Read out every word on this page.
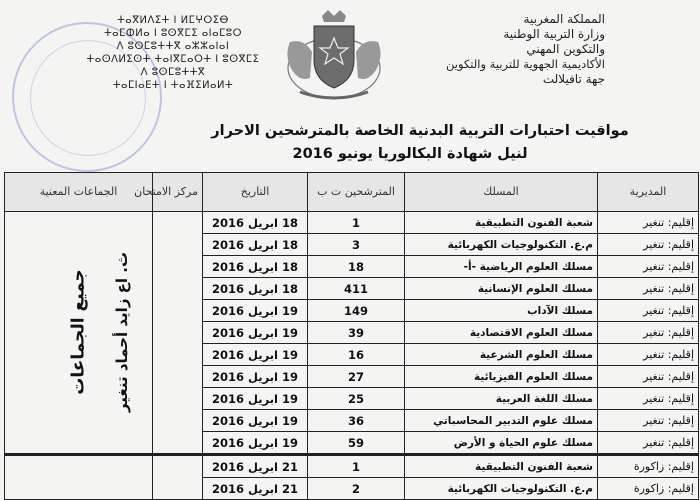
ⵜⴰⴳⵍⴷⵉⵜ ⵏ ⵍⵎⵖⵔⵉⴱ
ⵜⴰⵎⵀⵍⴰ ⵏ ⵓⵙⴳⵎⵉ ⴰⵏⴰⵎⵓⵔ
ⴷ ⵓⵙⵎⵓⵜⵜⴳ ⴰⵣⵣⴰⵏⴰⵏ
ⵜⴰⵙⴷⵍⵉⵙⵜ ⵜⴰⵏⴳⵎⴰⵔⵜ ⵏ ⵓⵙⴳⵎⵉ
ⴷ ⵓⵙⵎⵓⵜⵜⴳ
ⵜⴰⵎⵏⴰⴹⵜ ⵏ ⵜⴰⴼⵉⵍⴰⵍⵜ
المملكة المغربية
وزارة التربية الوطنية
والتكوين المهني
الأكاديمية الجهوية للتربية والتكوين
جهة تافيلالت
مواقيت احتبارات التربية البدنية الخاصة بالمترشحين الاحرار
لنيل شهادة البكالوريا يونيو 2016
المديرية	المسلك	المترشحين ت ب	التاريخ	مركز الامتحان	الجماعات المعنية
إقليم: تنغير	شعبة الفنون التطبيقية	1	18 ابريل 2016	ث. اع زايد أحماد تنغير	جميع الجماعات
إقليم: تنغير	م.ع. التكنولوجيات الكهربائية	3	18 ابريل 2016		
إقليم: تنغير	مسلك العلوم الرياضية -أ-	18	18 ابريل 2016		
إقليم: تنغير	مسلك العلوم الإنسانية	411	18 ابريل 2016		
إقليم: تنغير	مسلك الآداب	149	19 ابريل 2016		
إقليم: تنغير	مسلك العلوم الاقتصادية	39	19 ابريل 2016		
إقليم: تنغير	مسلك العلوم الشرعية	16	19 ابريل 2016		
إقليم: تنغير	مسلك العلوم الفيزيائية	27	19 ابريل 2016		
إقليم: تنغير	مسلك اللغة العربية	25	19 ابريل 2016		
إقليم: تنغير	مسلك علوم التدبير المحاسباتي	36	19 ابريل 2016		
إقليم: تنغير	مسلك علوم الحياة و الأرض	59	19 ابريل 2016		
إقليم: زاكورة	شعبة الفنون التطبيقية	1	21 ابريل 2016		
إقليم: زاكورة	م.ع. التكنولوجيات الكهربائية	2	21 ابريل 2016		
